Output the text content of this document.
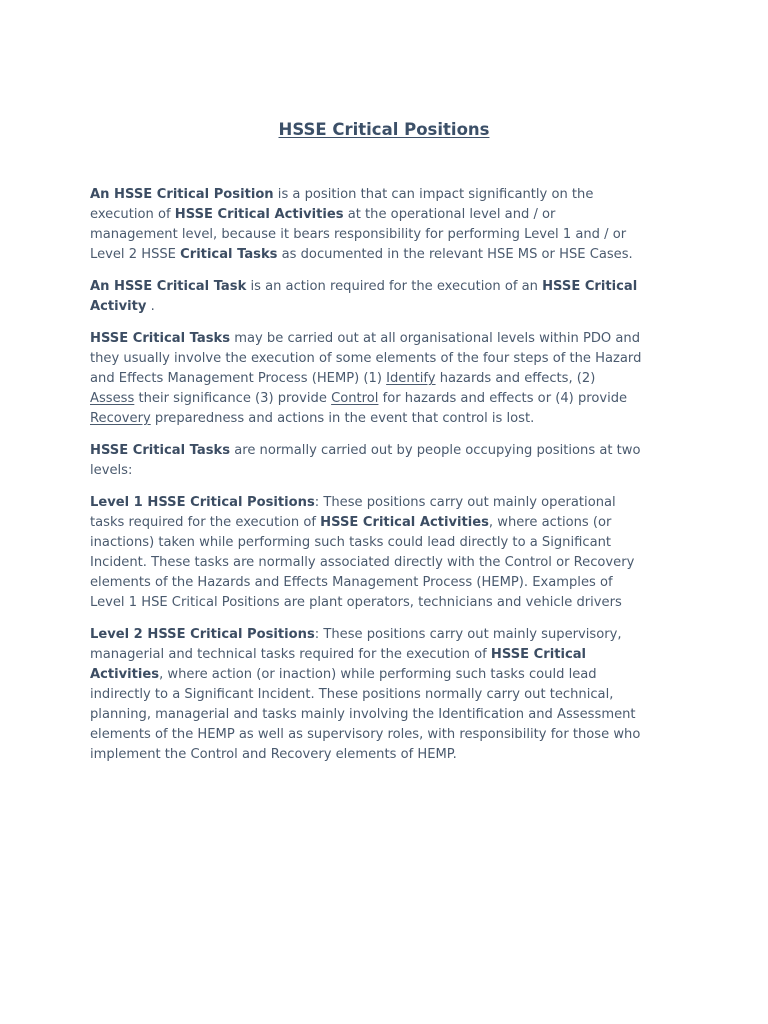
HSSE Critical Positions

An HSSE Critical Position is a position that can impact significantly on the
execution of HSSE Critical Activities at the operational level and / or
management level, because it bears responsibility for performing Level 1 and / or
Level 2 HSSE Critical Tasks as documented in the relevant HSE MS or HSE Cases.

An HSSE Critical Task is an action required for the execution of an HSSE Critical
Activity .

HSSE Critical Tasks may be carried out at all organisational levels within PDO and
they usually involve the execution of some elements of the four steps of the Hazard
and Effects Management Process (HEMP) (1) Identify hazards and effects, (2)
Assess their significance (3) provide Control for hazards and effects or (4) provide
Recovery preparedness and actions in the event that control is lost.

HSSE Critical Tasks are normally carried out by people occupying positions at two
levels:

Level 1 HSSE Critical Positions: These positions carry out mainly operational
tasks required for the execution of HSSE Critical Activities, where actions (or
inactions) taken while performing such tasks could lead directly to a Significant
Incident. These tasks are normally associated directly with the Control or Recovery
elements of the Hazards and Effects Management Process (HEMP). Examples of
Level 1 HSE Critical Positions are plant operators, technicians and vehicle drivers

Level 2 HSSE Critical Positions: These positions carry out mainly supervisory,
managerial and technical tasks required for the execution of HSSE Critical
Activities, where action (or inaction) while performing such tasks could lead
indirectly to a Significant Incident. These positions normally carry out technical,
planning, managerial and tasks mainly involving the Identification and Assessment
elements of the HEMP as well as supervisory roles, with responsibility for those who
implement the Control and Recovery elements of HEMP.
